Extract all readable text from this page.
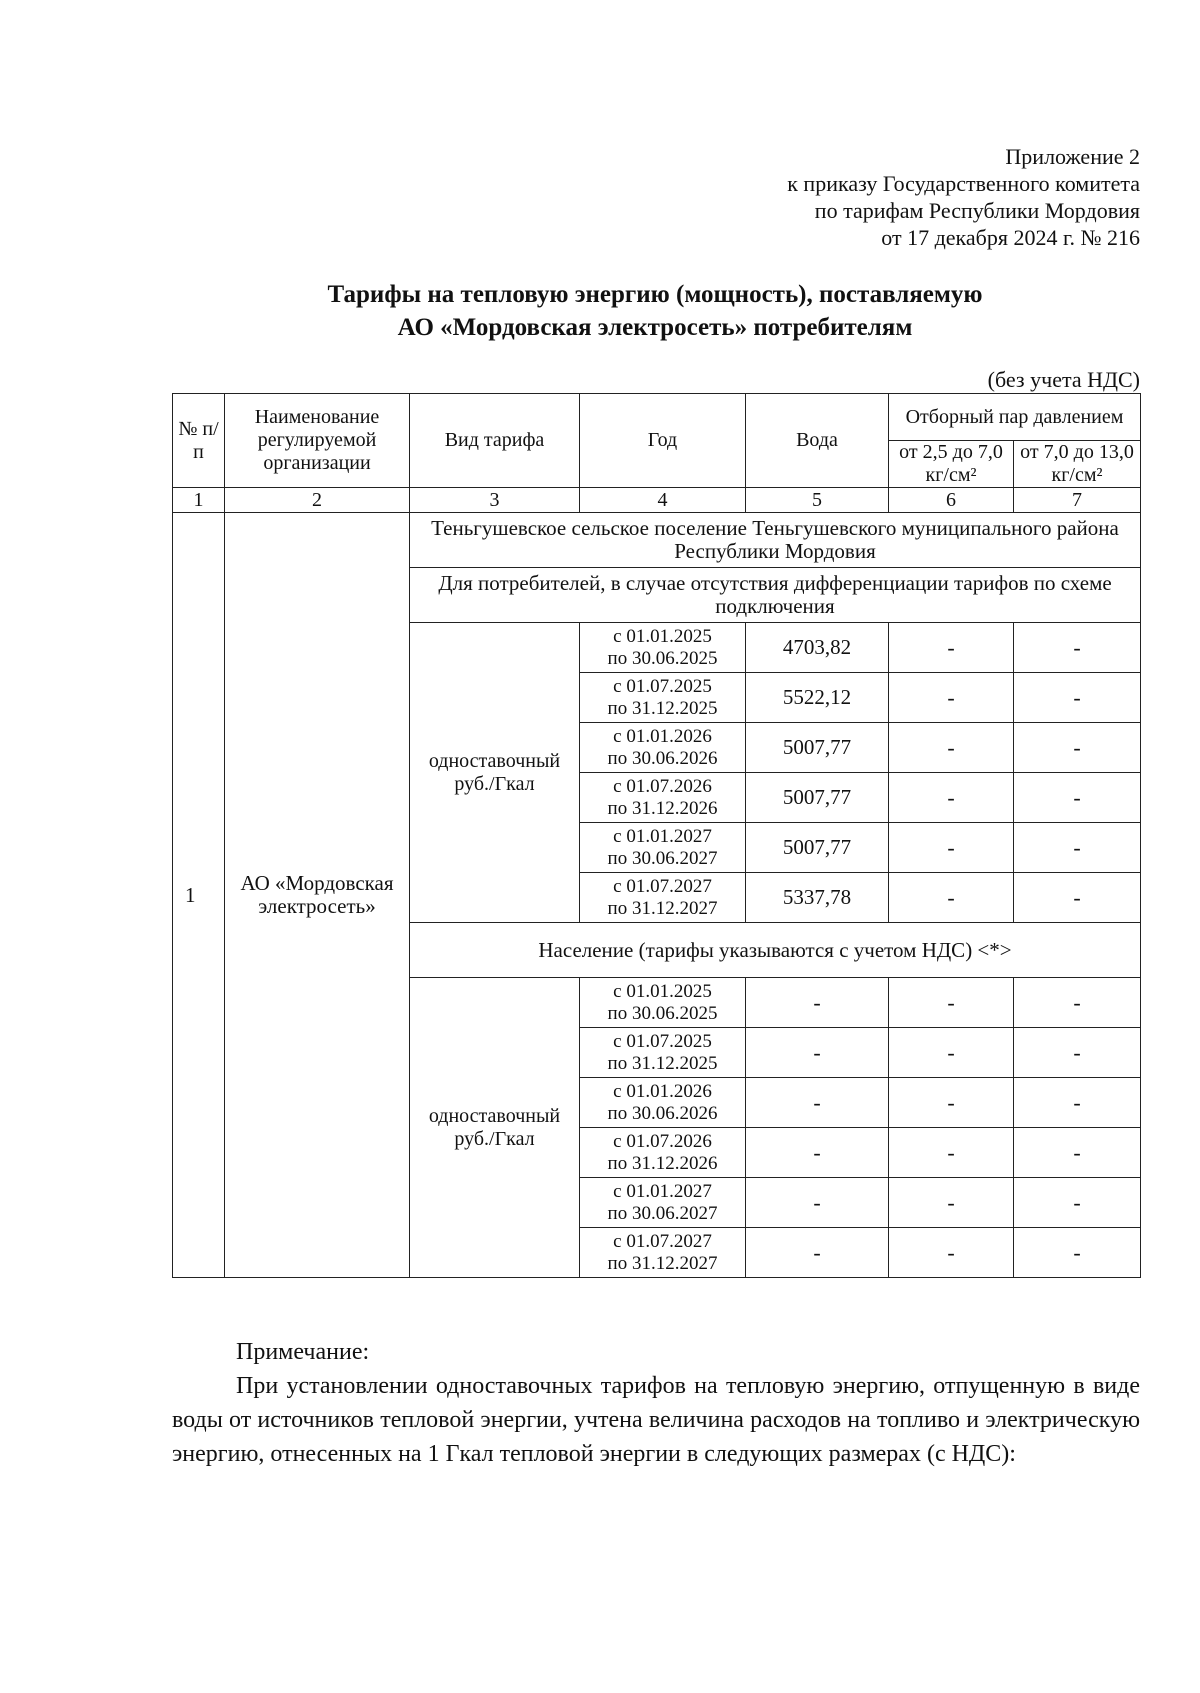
Приложение 2
к приказу Государственного комитета
по тарифам Республики Мордовия
от 17 декабря 2024 г. № 216
Тарифы на тепловую энергию (мощность), поставляемую
АО «Мордовская электросеть» потребителям
(без учета НДС)
№ п/п	Наименование регулируемой организации	Вид тарифа	Год	Вода	Отборный пар давлением	
					от 2,5 до 7,0 кг/см²	от 7,0 до 13,0 кг/см²
1	2	3	4	5	6	7
1	АО «Мордовская электросеть»	Теньгушевское сельское поселение Теньгушевского муниципального района Республики Мордовия				
		Для потребителей, в случае отсутствия дифференциации тарифов по схеме подключения				
		одноставочный руб./Гкал	с 01.01.2025
по 30.06.2025	4703,82	-	-

			с 01.07.2025
по 31.12.2025	5522,12	-	-

			с 01.01.2026
по 30.06.2026	5007,77	-	-

			с 01.07.2026
по 31.12.2026	5007,77	-	-

			с 01.01.2027
по 30.06.2027	5007,77	-	-

			с 01.07.2027
по 31.12.2027	5337,78	-	-
		Население (тарифы указываются с учетом НДС) <*>				
		одноставочный руб./Гкал	с 01.01.2025
по 30.06.2025	-	-	-

			с 01.07.2025
по 31.12.2025	-	-	-

			с 01.01.2026
по 30.06.2026	-	-	-

			с 01.07.2026
по 31.12.2026	-	-	-

			с 01.01.2027
по 30.06.2027	-	-	-

			с 01.07.2027
по 31.12.2027	-	-	-
Примечание:

При установлении одноставочных тарифов на тепловую энергию, отпущенную в виде воды от источников тепловой энергии, учтена величина расходов на топливо и электрическую энергию, отнесенных на 1 Гкал тепловой энергии в следующих размерах (с НДС):
